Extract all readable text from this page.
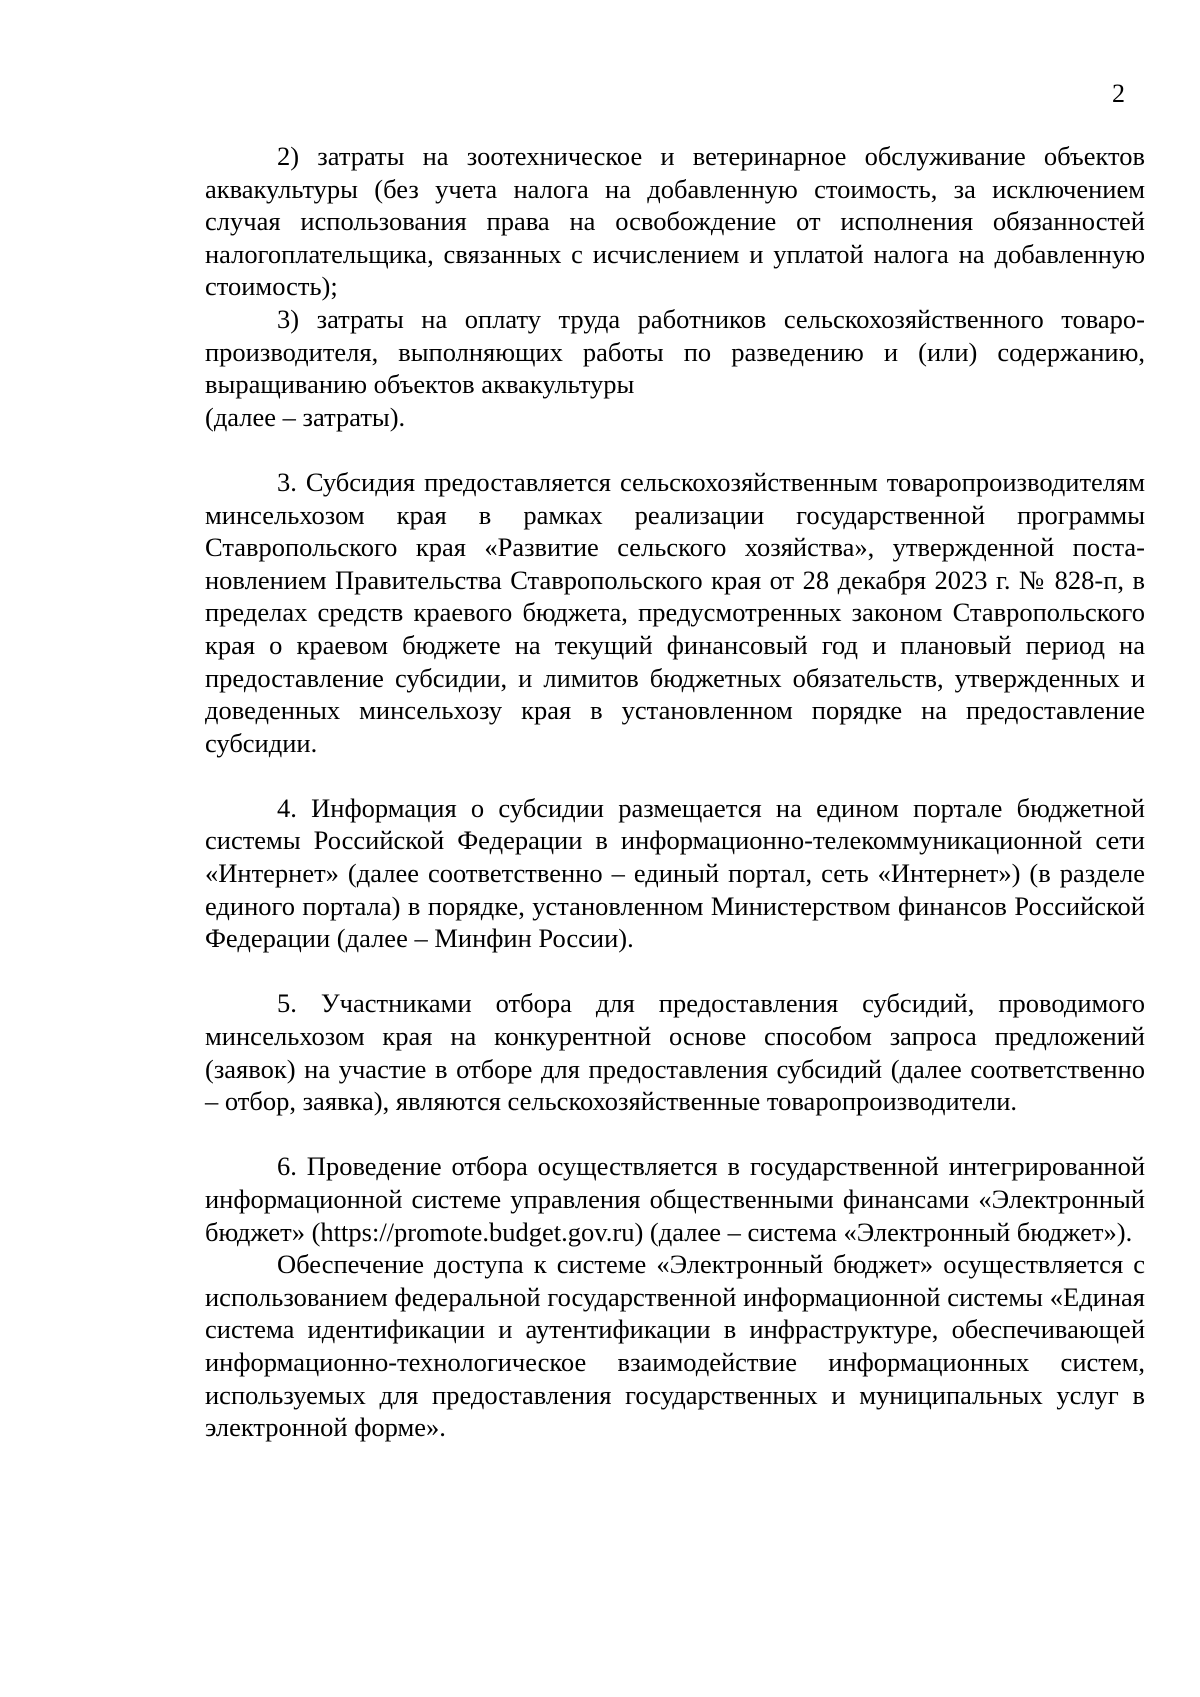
2

2) затраты на зоотехническое и ветеринарное обслуживание объектов аквакультуры (без учета налога на добавленную стоимость, за исключением случая использования права на освобождение от исполнения обязанностей налогоплательщика, связанных с исчислением и уплатой налога на добавленную стоимость);

3) затраты на оплату труда работников сельскохозяйственного товаропроизводителя, выполняющих работы по разведению и (или) содержанию, выращиванию объектов аквакультуры

(далее – затраты).

3. Субсидия предоставляется сельскохозяйственным товаропроизводителям минсельхозом края в рамках реализации государственной программы Ставропольского края «Развитие сельского хозяйства», утвержденной постановлением Правительства Ставропольского края от 28 декабря 2023 г. № 828-п, в пределах средств краевого бюджета, предусмотренных законом Ставропольского края о краевом бюджете на текущий финансовый год и плановый период на предоставление субсидии, и лимитов бюджетных обязательств, утвержденных и доведенных минсельхозу края в установленном порядке на предоставление субсидии.

4. Информация о субсидии размещается на едином портале бюджетной системы Российской Федерации в информационно-телекоммуникационной сети «Интернет» (далее соответственно – единый портал, сеть «Интернет») (в разделе единого портала) в порядке, установленном Министерством финансов Российской Федерации (далее – Минфин России).

5. Участниками отбора для предоставления субсидий, проводимого минсельхозом края на конкурентной основе способом запроса предложений (заявок) на участие в отборе для предоставления субсидий (далее соответственно – отбор, заявка), являются сельскохозяйственные товаропроизводители.

6. Проведение отбора осуществляется в государственной интегрированной информационной системе управления общественными финансами «Электронный бюджет» (https://promote.budget.gov.ru) (далее – система «Электронный бюджет»).

Обеспечение доступа к системе «Электронный бюджет» осуществляется с использованием федеральной государственной информационной системы «Единая система идентификации и аутентификации в инфраструктуре, обеспечивающей информационно-технологическое взаимодействие информационных систем, используемых для предоставления государственных и муниципальных услуг в электронной форме».
